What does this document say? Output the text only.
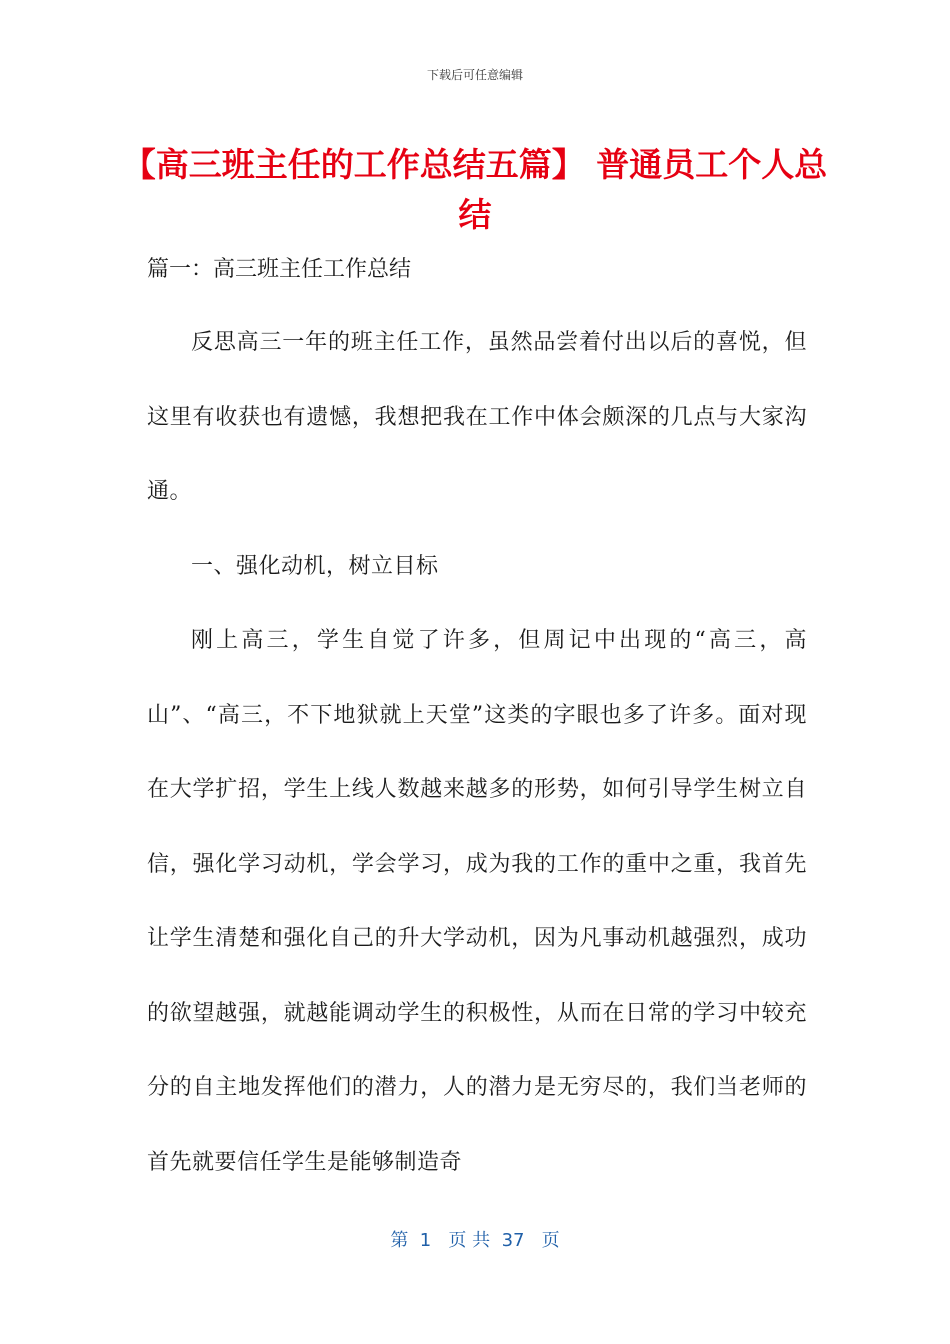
下载后可任意编辑
【高三班主任的工作总结五篇】 普通员工个人总结
篇一：高三班主任工作总结

反思高三一年的班主任工作，虽然品尝着付出以后的喜悦，但这里有收获也有遗憾，我想把我在工作中体会颇深的几点与大家沟通。

一、强化动机，树立目标

刚上高三，学生自觉了许多，但周记中出现的“高三，高山”、“高三，不下地狱就上天堂”这类的字眼也多了许多。面对现在大学扩招，学生上线人数越来越多的形势，如何引导学生树立自信，强化学习动机，学会学习，成为我的工作的重中之重，我首先让学生清楚和强化自己的升大学动机，因为凡事动机越强烈，成功的欲望越强，就越能调动学生的积极性，从而在日常的学习中较充分的自主地发挥他们的潜力，人的潜力是无穷尽的，我们当老师的首先就要信任学生是能够制造奇

第  1   页 共  37   页
